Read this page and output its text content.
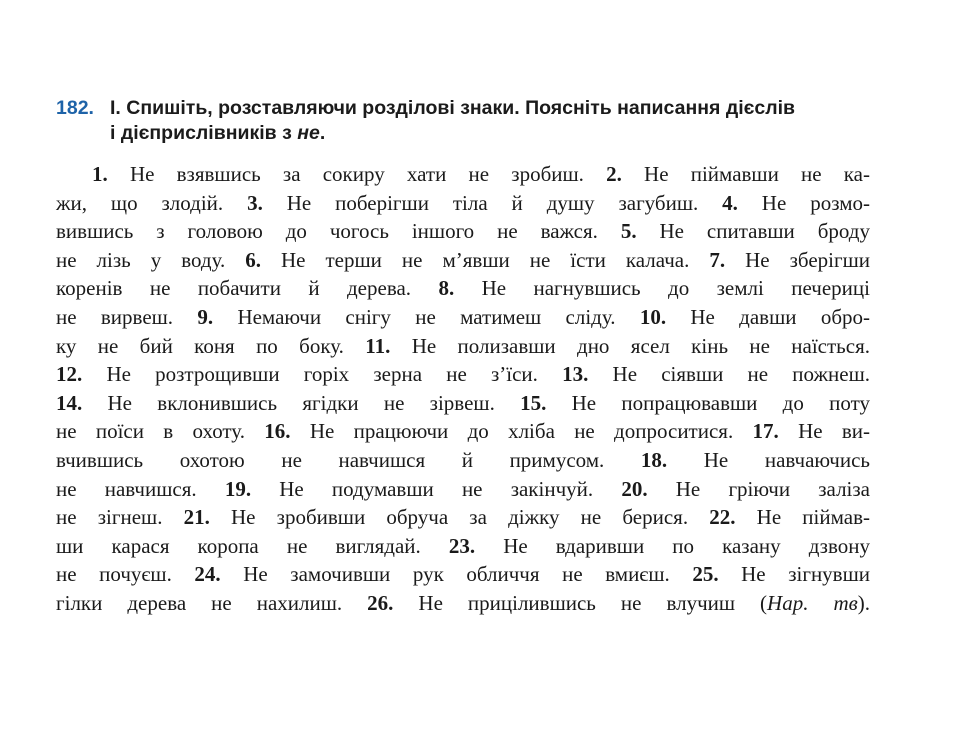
182. І. Спишіть, розставляючи розділові знаки. Поясніть написання дієслів
і дієприслівників з не.
1. Не взявшись за сокиру хати не зробиш. 2. Не піймавши не ка-
жи, що злодій. 3. Не поберігши тіла й душу загубиш. 4. Не розмо-
вившись з головою до чогось іншого не важся. 5. Не спитавши броду
не лізь у воду. 6. Не терши не м’явши не їсти калача. 7. Не зберігши
коренів не побачити й дерева. 8. Не нагнувшись до землі печериці
не вирвеш. 9. Немаючи снігу не матимеш сліду. 10. Не давши обро-
ку не бий коня по боку. 11. Не полизавши дно ясел кінь не наїсться.
12. Не розтрощивши горіх зерна не з’їси. 13. Не сіявши не пожнеш.
14. Не вклонившись ягідки не зірвеш. 15. Не попрацювавши до поту
не поїси в охоту. 16. Не працюючи до хліба не допроситися. 17. Не ви-
вчившись охотою не навчишся й примусом. 18. Не навчаючись
не навчишся. 19. Не подумавши не закінчуй. 20. Не гріючи заліза
не зігнеш. 21. Не зробивши обруча за діжку не берися. 22. Не піймав-
ши карася коропа не виглядай. 23. Не вдаривши по казану дзвону
не почуєш. 24. Не замочивши рук обличчя не вмиєш. 25. Не зігнувши
гілки дерева не нахилиш. 26. Не прицілившись не влучиш (Нар. тв).
